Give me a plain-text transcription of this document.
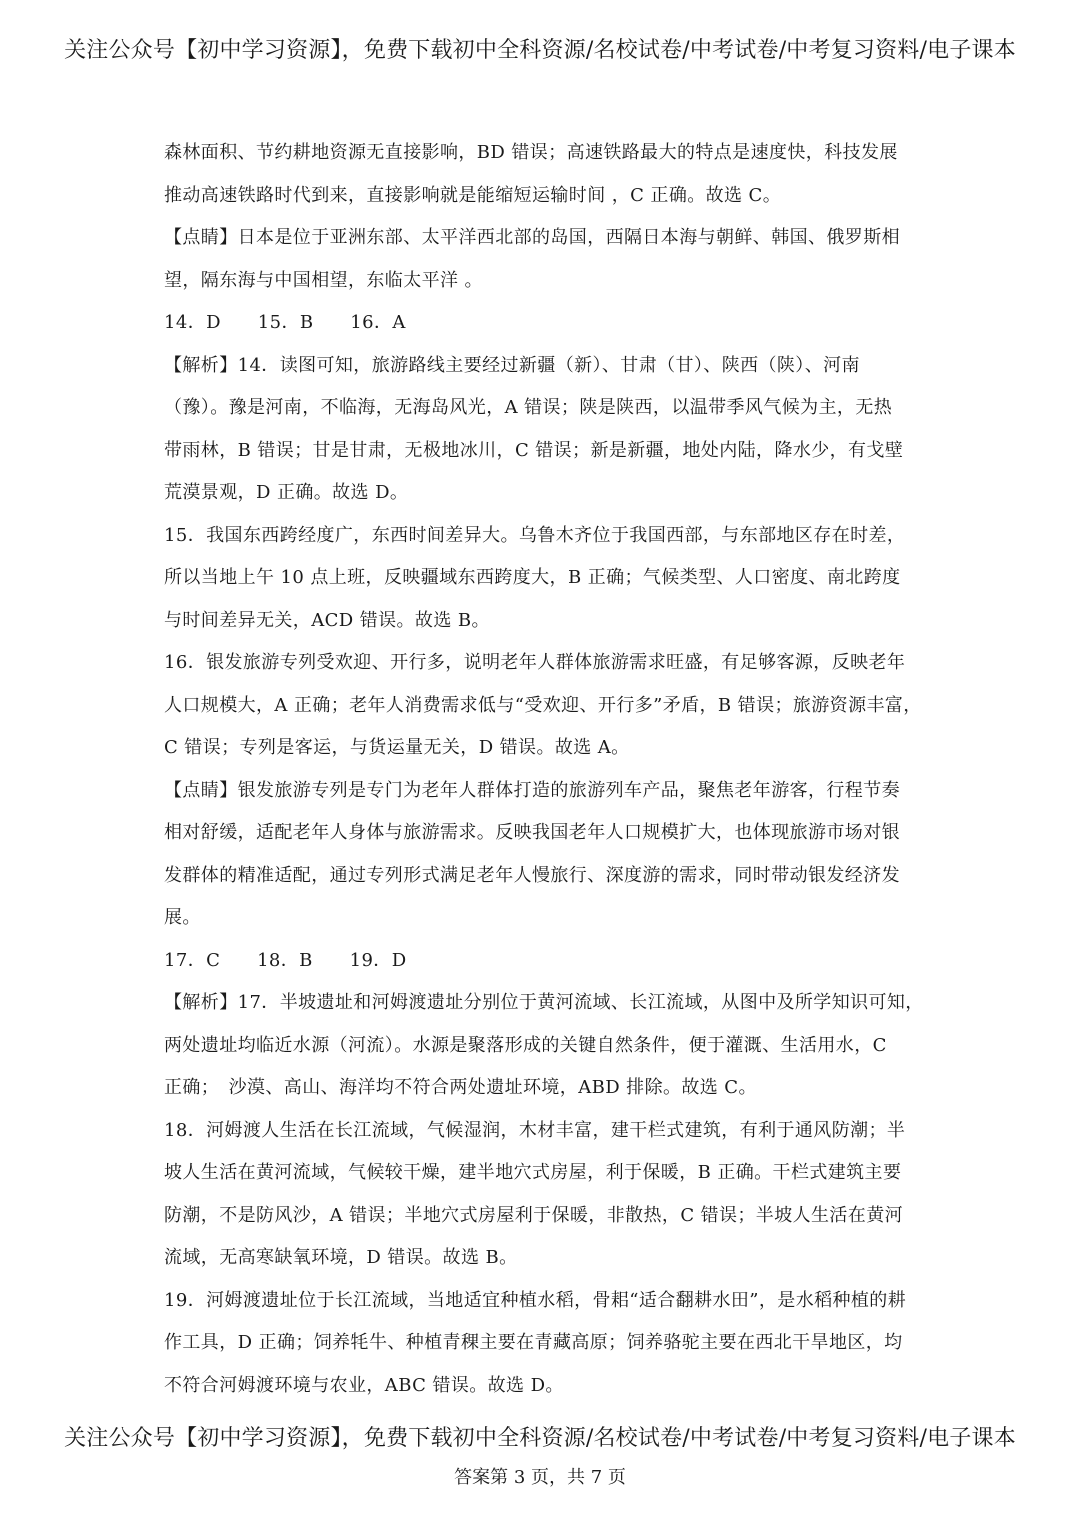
关注公众号【初中学习资源】，免费下载初中全科资源/名校试卷/中考试卷/中考复习资料/电子课本
森林面积、节约耕地资源无直接影响，BD 错误；高速铁路最大的特点是速度快，科技发展
推动高速铁路时代到来，直接影响就是能缩短运输时间 ，C 正确。故选 C。
【点睛】日本是位于亚洲东部、太平洋西北部的岛国，西隔日本海与朝鲜、韩国、俄罗斯相
望，隔东海与中国相望，东临太平洋 。
14．D　　15．B　　16．A
【解析】14．读图可知，旅游路线主要经过新疆（新）、甘肃（甘）、陕西（陕）、河南
（豫）。豫是河南，不临海，无海岛风光，A 错误；陕是陕西，以温带季风气候为主，无热
带雨林，B 错误；甘是甘肃，无极地冰川，C 错误；新是新疆，地处内陆，降水少，有戈壁
荒漠景观，D 正确。故选 D。
15．我国东西跨经度广，东西时间差异大。乌鲁木齐位于我国西部，与东部地区存在时差，
所以当地上午 10 点上班，反映疆域东西跨度大，B 正确；气候类型、人口密度、南北跨度
与时间差异无关，ACD 错误。故选 B。
16．银发旅游专列受欢迎、开行多，说明老年人群体旅游需求旺盛，有足够客源，反映老年
人口规模大，A 正确；老年人消费需求低与“受欢迎、开行多”矛盾，B 错误；旅游资源丰富，
C 错误；专列是客运，与货运量无关，D 错误。故选 A。
【点睛】银发旅游专列是专门为老年人群体打造的旅游列车产品，聚焦老年游客，行程节奏
相对舒缓，适配老年人身体与旅游需求。反映我国老年人口规模扩大，也体现旅游市场对银
发群体的精准适配，通过专列形式满足老年人慢旅行、深度游的需求，同时带动银发经济发
展。
17．C　　18．B　　19．D
【解析】17．半坡遗址和河姆渡遗址分别位于黄河流域、长江流域，从图中及所学知识可知，
两处遗址均临近水源（河流）。水源是聚落形成的关键自然条件，便于灌溉、生活用水，C
正确；　沙漠、高山、海洋均不符合两处遗址环境，ABD 排除。故选 C。
18．河姆渡人生活在长江流域，气候湿润，木材丰富，建干栏式建筑，有利于通风防潮；半
坡人生活在黄河流域，气候较干燥，建半地穴式房屋，利于保暖，B 正确。干栏式建筑主要
防潮，不是防风沙，A 错误；半地穴式房屋利于保暖，非散热，C 错误；半坡人生活在黄河
流域，无高寒缺氧环境，D 错误。故选 B。
19．河姆渡遗址位于长江流域，当地适宜种植水稻，骨耜“适合翻耕水田”，是水稻种植的耕
作工具，D 正确；饲养牦牛、种植青稞主要在青藏高原；饲养骆驼主要在西北干旱地区，均
不符合河姆渡环境与农业，ABC 错误。故选 D。
关注公众号【初中学习资源】，免费下载初中全科资源/名校试卷/中考试卷/中考复习资料/电子课本
答案第 3 页，共 7 页
